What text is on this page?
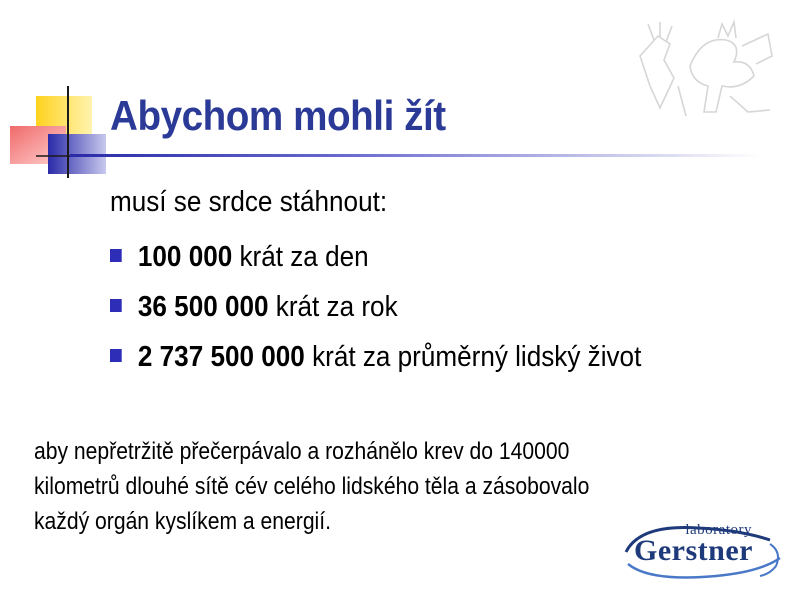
Abychom mohli žít

musí se srdce stáhnout:

100 000 krát za den
36 500 000 krát za rok
2 737 500 000 krát za průměrný lidský život

aby nepřetržitě přečerpávalo a rozhánělo krev do 140000
kilometrů dlouhé sítě cév celého lidského těla a zásobovalo
každý orgán kyslíkem a energií.	laboratory
Gerstner
